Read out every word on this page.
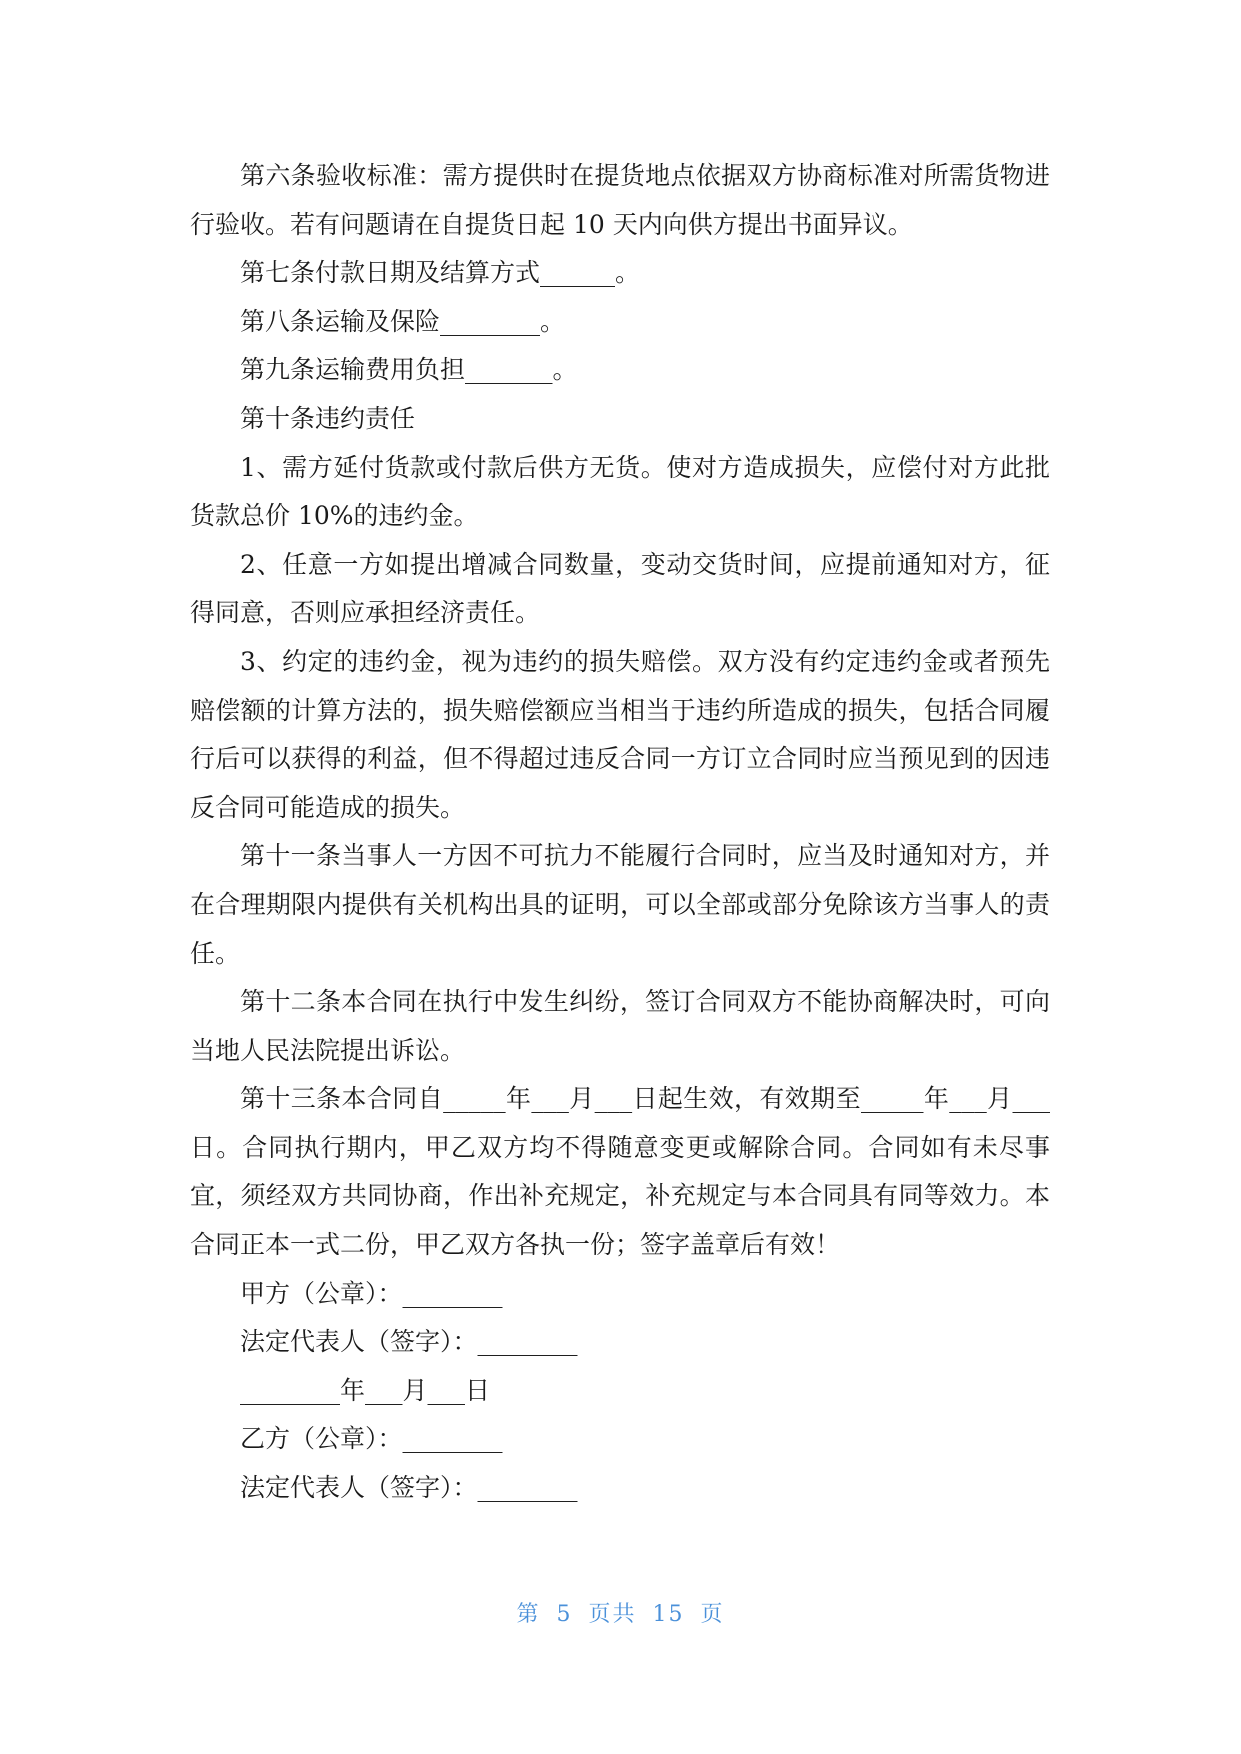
第六条验收标准：需方提供时在提货地点依据双方协商标准对所需货物进行验收。若有问题请在自提货日起 10 天内向供方提出书面异议。

第七条付款日期及结算方式______。

第八条运输及保险________。

第九条运输费用负担_______。

第十条违约责任

1、需方延付货款或付款后供方无货。使对方造成损失，应偿付对方此批货款总价 10%的违约金。

2、任意一方如提出增减合同数量，变动交货时间，应提前通知对方，征得同意，否则应承担经济责任。

3、约定的违约金，视为违约的损失赔偿。双方没有约定违约金或者预先赔偿额的计算方法的，损失赔偿额应当相当于违约所造成的损失，包括合同履行后可以获得的利益，但不得超过违反合同一方订立合同时应当预见到的因违反合同可能造成的损失。

第十一条当事人一方因不可抗力不能履行合同时，应当及时通知对方，并在合理期限内提供有关机构出具的证明，可以全部或部分免除该方当事人的责任。

第十二条本合同在执行中发生纠纷，签订合同双方不能协商解决时，可向当地人民法院提出诉讼。

第十三条本合同自_____年___月___日起生效，有效期至_____年___月___日。合同执行期内，甲乙双方均不得随意变更或解除合同。合同如有未尽事宜，须经双方共同协商，作出补充规定，补充规定与本合同具有同等效力。本合同正本一式二份，甲乙双方各执一份；签字盖章后有效！

甲方（公章）：________

法定代表人（签字）：________

________年___月___日

乙方（公章）：________

法定代表人（签字）：________

第 5 页共 15 页
